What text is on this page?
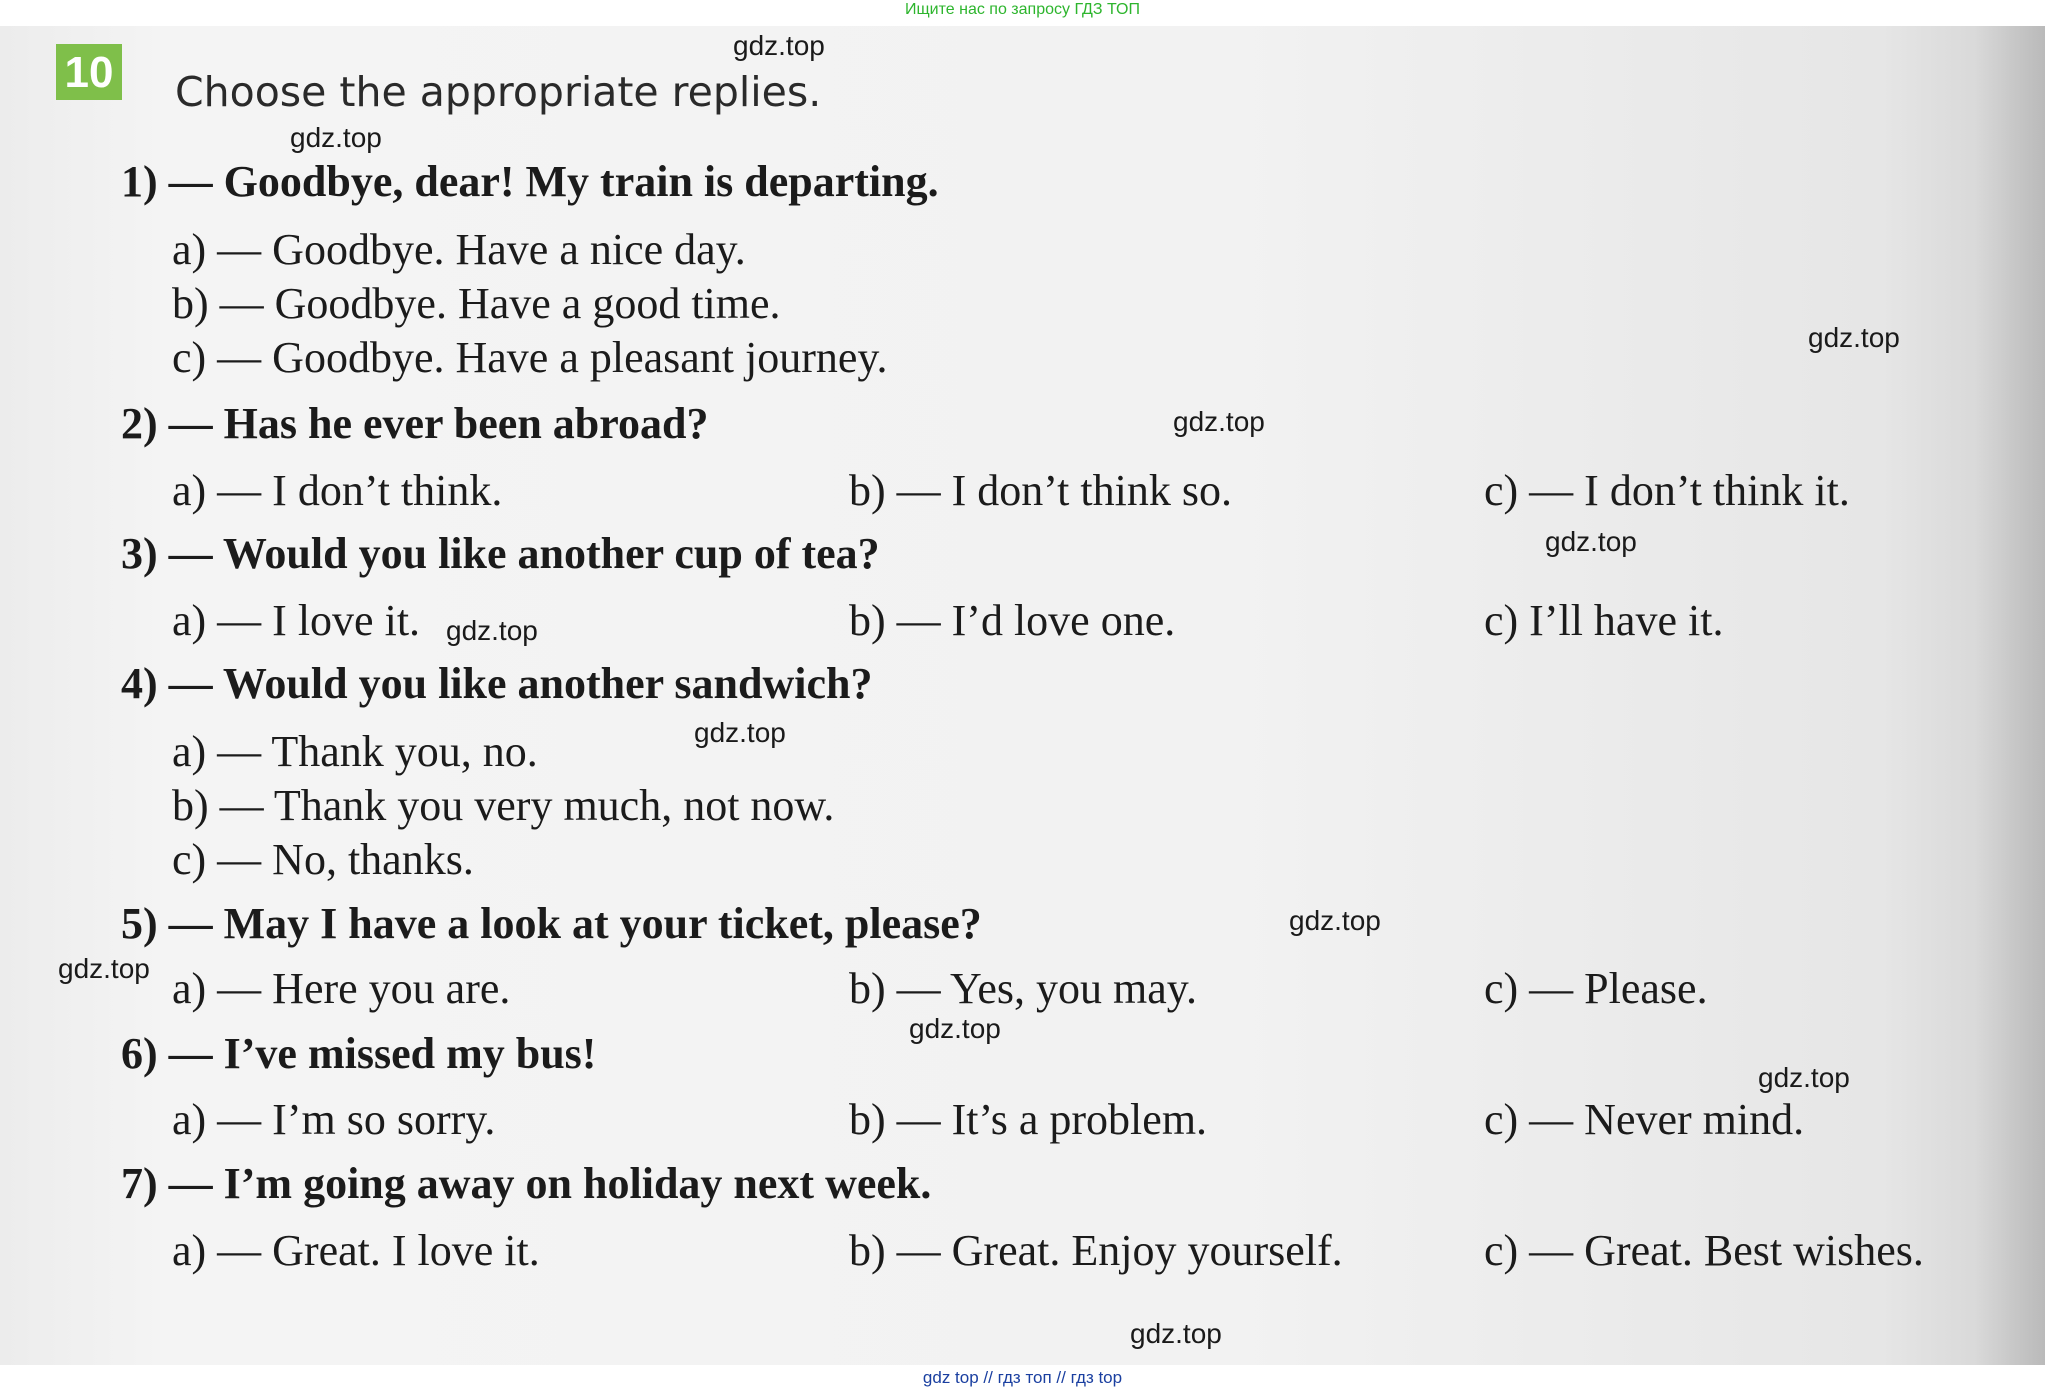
Ищите нас по запросу ГДЗ ТОП
10 Choose the appropriate replies.
1) — Goodbye, dear! My train is departing.
a) — Goodbye. Have a nice day.
b) — Goodbye. Have a good time.
c) — Goodbye. Have a pleasant journey.
2) — Has he ever been abroad?
a) — I don’t think.	b) — I don’t think so.	c) — I don’t think it.
3) — Would you like another cup of tea?
a) — I love it.	b) — I’d love one.	c) I’ll have it.
4) — Would you like another sandwich?
a) — Thank you, no.
b) — Thank you very much, not now.
c) — No, thanks.
5) — May I have a look at your ticket, please?
a) — Here you are.	b) — Yes, you may.	c) — Please.
6) — I’ve missed my bus!
a) — I’m so sorry.	b) — It’s a problem.	c) — Never mind.
7) — I’m going away on holiday next week.
a) — Great. I love it.	b) — Great. Enjoy yourself.	c) — Great. Best wishes.
gdz.top
gdz.top
gdz.top
gdz.top
gdz.top
gdz.top
gdz.top
gdz.top
gdz.top
gdz.top
gdz.top
gdz.top
gdz top // гдз топ // гдз top
